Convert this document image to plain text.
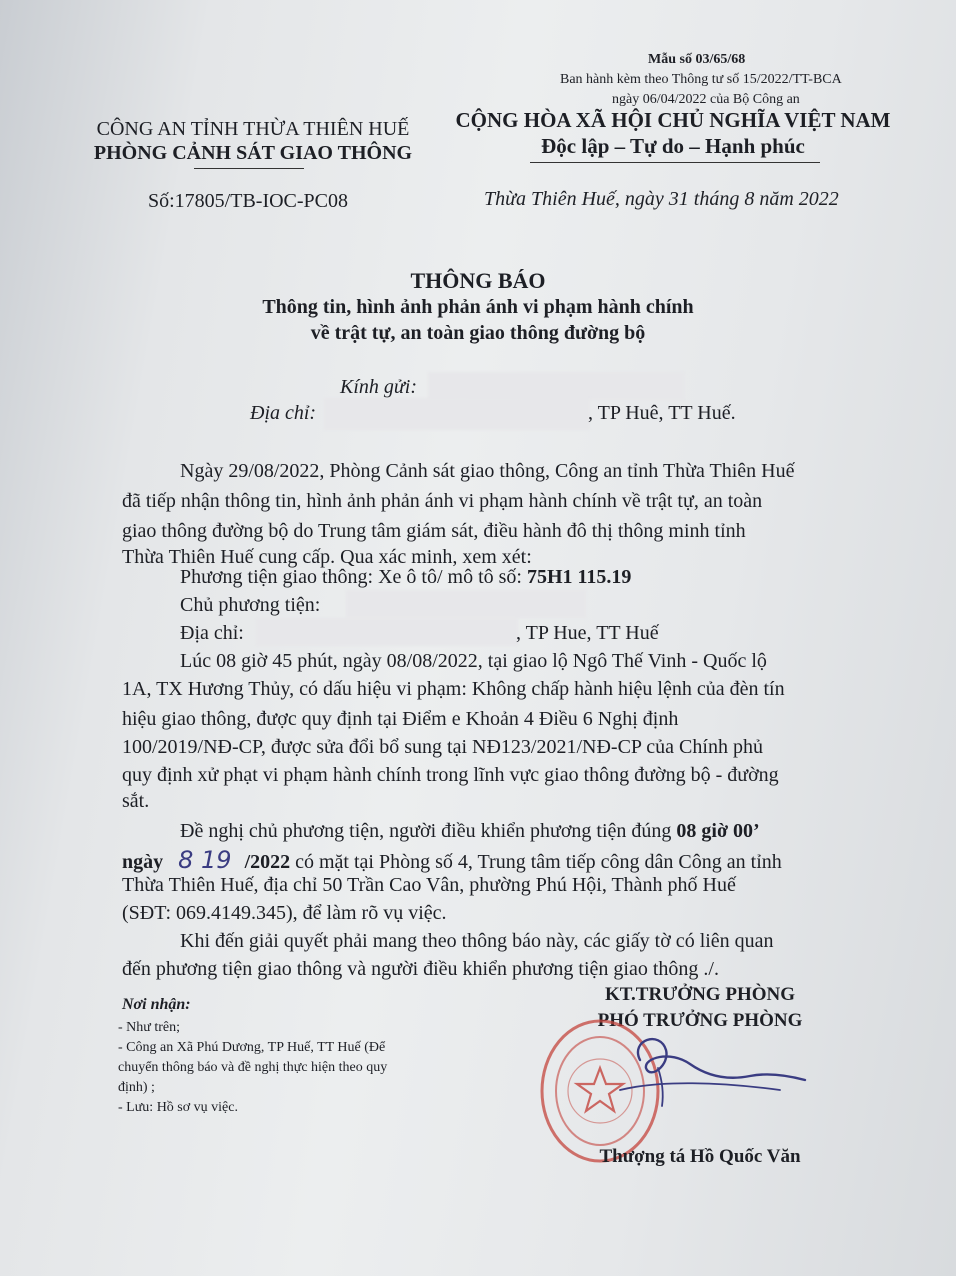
Mẫu số 03/65/68
Ban hành kèm theo Thông tư số 15/2022/TT-BCA
ngày 06/04/2022 của Bộ Công an
CÔNG AN TỈNH THỪA THIÊN HUẾ
PHÒNG CẢNH SÁT GIAO THÔNG
CỘNG HÒA XÃ HỘI CHỦ NGHĨA VIỆT NAM
Độc lập – Tự do – Hạnh phúc
Số:17805/TB-IOC-PC08	Thừa Thiên Huế, ngày 31 tháng 8 năm 2022
THÔNG BÁO
Thông tin, hình ảnh phản ánh vi phạm hành chính
về trật tự, an toàn giao thông đường bộ
Kính gửi:
Địa chỉ:	, TP Huê, TT Huế.
Ngày 29/08/2022, Phòng Cảnh sát giao thông, Công an tỉnh Thừa Thiên Huế
đã tiếp nhận thông tin, hình ảnh phản ánh vi phạm hành chính về trật tự, an toàn
giao thông đường bộ do Trung tâm giám sát, điều hành đô thị thông minh tỉnh
Thừa Thiên Huế cung cấp. Qua xác minh, xem xét:
Phương tiện giao thông: Xe ô tô/ mô tô số: 75H1 115.19
Chủ phương tiện:
Địa chỉ:	, TP Hue, TT Huế
Lúc 08 giờ 45 phút, ngày 08/08/2022, tại giao lộ Ngô Thế Vinh - Quốc lộ
1A, TX Hương Thủy, có dấu hiệu vi phạm: Không chấp hành hiệu lệnh của đèn tín
hiệu giao thông, được quy định tại Điểm e Khoản 4 Điều 6 Nghị định
100/2019/NĐ-CP, được sửa đổi bổ sung tại NĐ123/2021/NĐ-CP của Chính phủ
quy định xử phạt vi phạm hành chính trong lĩnh vực giao thông đường bộ - đường
sắt.
Đề nghị chủ phương tiện, người điều khiển phương tiện đúng 08 giờ 00’
ngày 8 19 /2022 có mặt tại Phòng số 4, Trung tâm tiếp công dân Công an tỉnh
Thừa Thiên Huế, địa chỉ 50 Trần Cao Vân, phường Phú Hội, Thành phố Huế
(SĐT: 069.4149.345), để làm rõ vụ việc.
Khi đến giải quyết phải mang theo thông báo này, các giấy tờ có liên quan
đến phương tiện giao thông và người điều khiển phương tiện giao thông ./.
Nơi nhận:
- Như trên;
- Công an Xã Phú Dương, TP Huế, TT Huế (Để
chuyển thông báo và đề nghị thực hiện theo quy
định) ;
- Lưu: Hồ sơ vụ việc.
KT.TRƯỞNG PHÒNG
PHÓ TRƯỞNG PHÒNG
Thượng tá Hồ Quốc Văn
